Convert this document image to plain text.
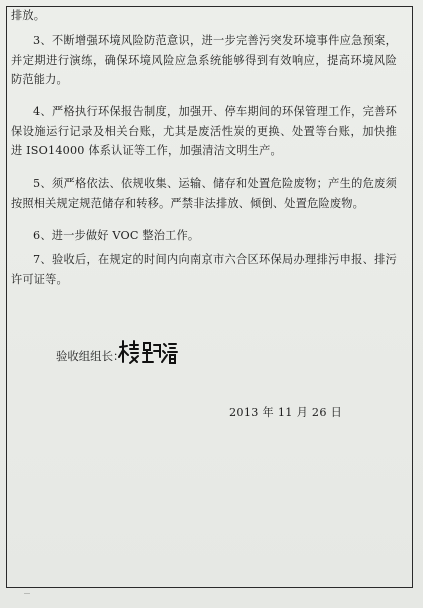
排放。

3、不断增强环境风险防范意识，进一步完善污突发环境事件应急预案，并定期进行演练，确保环境风险应急系统能够得到有效响应，提高环境风险防范能力。

4、严格执行环保报告制度，加强开、停车期间的环保管理工作，完善环保设施运行记录及相关台账，尤其是废活性炭的更换、处置等台账，加快推进 ISO14000 体系认证等工作，加强清洁文明生产。

5、须严格依法、依规收集、运输、储存和处置危险废物；产生的危废须按照相关规定规范储存和转移。严禁非法排放、倾倒、处置危险废物。

6、进一步做好 VOC 整治工作。

7、验收后，在规定的时间内向南京市六合区环保局办理排污申报、排污许可证等。

验收组组长：
2013 年 11 月 26 日
